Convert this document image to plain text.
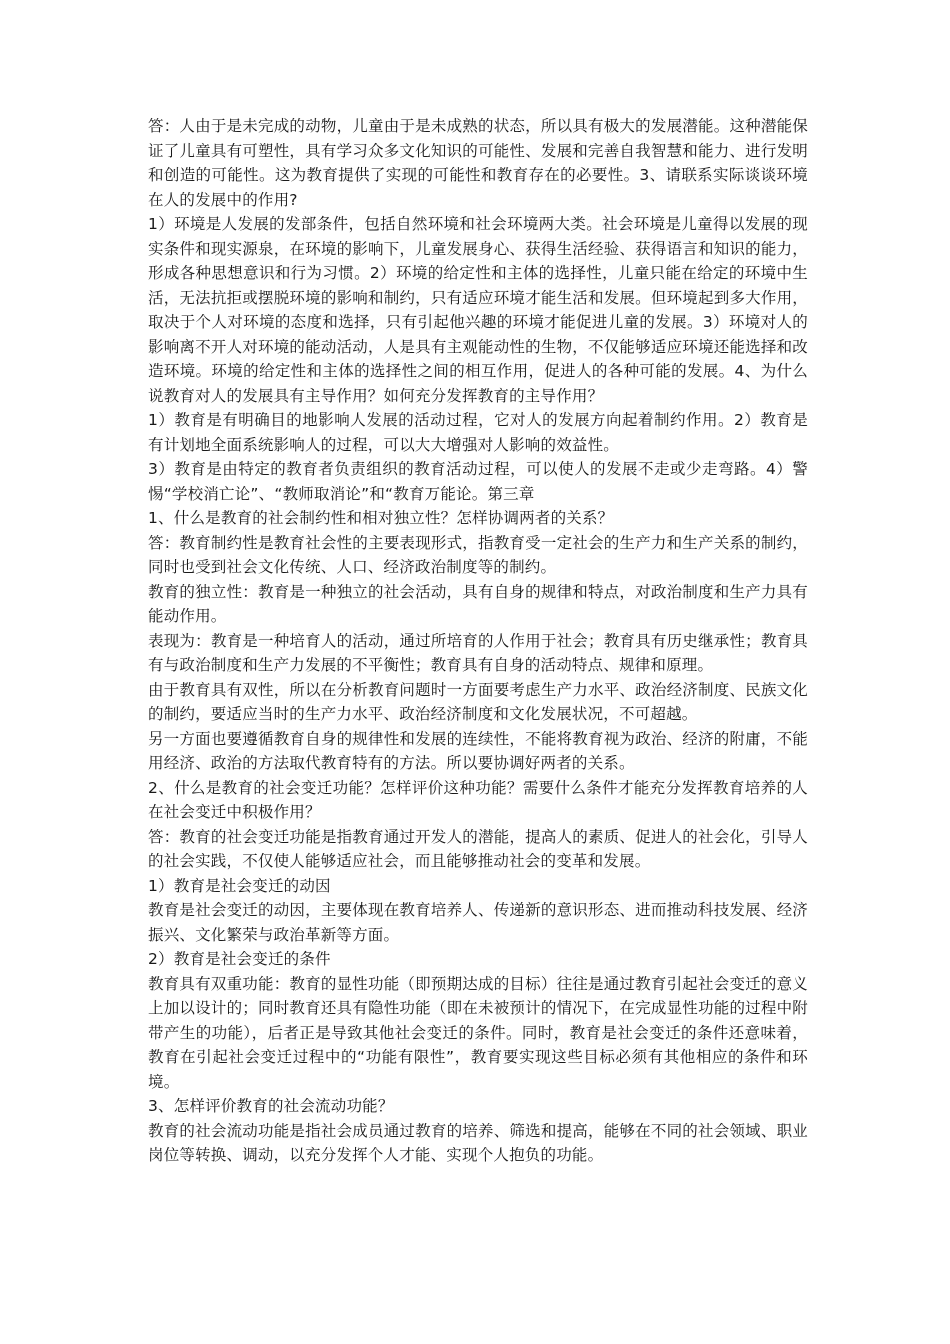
答：人由于是未完成的动物，儿童由于是未成熟的状态，所以具有极大的发展潜能。这种潜能保证了儿童具有可塑性，具有学习众多文化知识的可能性、发展和完善自我智慧和能力、进行发明和创造的可能性。这为教育提供了实现的可能性和教育存在的必要性。3、请联系实际谈谈环境在人的发展中的作用?

1）环境是人发展的发部条件，包括自然环境和社会环境两大类。社会环境是儿童得以发展的现实条件和现实源泉，在环境的影响下，儿童发展身心、获得生活经验、获得语言和知识的能力，形成各种思想意识和行为习惯。2）环境的给定性和主体的选择性，儿童只能在给定的环境中生活，无法抗拒或摆脱环境的影响和制约，只有适应环境才能生活和发展。但环境起到多大作用，取决于个人对环境的态度和选择，只有引起他兴趣的环境才能促进儿童的发展。3）环境对人的影响离不开人对环境的能动活动，人是具有主观能动性的生物，不仅能够适应环境还能选择和改造环境。环境的给定性和主体的选择性之间的相互作用，促进人的各种可能的发展。4、为什么说教育对人的发展具有主导作用？如何充分发挥教育的主导作用？

1）教育是有明确目的地影响人发展的活动过程，它对人的发展方向起着制约作用。2）教育是有计划地全面系统影响人的过程，可以大大增强对人影响的效益性。

3）教育是由特定的教育者负责组织的教育活动过程，可以使人的发展不走或少走弯路。4）警惕“学校消亡论”、“教师取消论”和“教育万能论。第三章

1、什么是教育的社会制约性和相对独立性？怎样协调两者的关系？

答：教育制约性是教育社会性的主要表现形式，指教育受一定社会的生产力和生产关系的制约，同时也受到社会文化传统、人口、经济政治制度等的制约。

教育的独立性：教育是一种独立的社会活动，具有自身的规律和特点，对政治制度和生产力具有能动作用。

表现为：教育是一种培育人的活动，通过所培育的人作用于社会；教育具有历史继承性；教育具有与政治制度和生产力发展的不平衡性；教育具有自身的活动特点、规律和原理。

由于教育具有双性，所以在分析教育问题时一方面要考虑生产力水平、政治经济制度、民族文化的制约，要适应当时的生产力水平、政治经济制度和文化发展状况，不可超越。

另一方面也要遵循教育自身的规律性和发展的连续性，不能将教育视为政治、经济的附庸，不能用经济、政治的方法取代教育特有的方法。所以要协调好两者的关系。

2、什么是教育的社会变迁功能？怎样评价这种功能？需要什么条件才能充分发挥教育培养的人在社会变迁中积极作用？

答：教育的社会变迁功能是指教育通过开发人的潜能，提高人的素质、促进人的社会化，引导人的社会实践，不仅使人能够适应社会，而且能够推动社会的变革和发展。

1）教育是社会变迁的动因

教育是社会变迁的动因，主要体现在教育培养人、传递新的意识形态、进而推动科技发展、经济振兴、文化繁荣与政治革新等方面。

2）教育是社会变迁的条件

教育具有双重功能：教育的显性功能（即预期达成的目标）往往是通过教育引起社会变迁的意义上加以设计的；同时教育还具有隐性功能（即在未被预计的情况下，在完成显性功能的过程中附带产生的功能），后者正是导致其他社会变迁的条件。同时，教育是社会变迁的条件还意味着，教育在引起社会变迁过程中的“功能有限性”，教育要实现这些目标必须有其他相应的条件和环境。

3、怎样评价教育的社会流动功能？

教育的社会流动功能是指社会成员通过教育的培养、筛选和提高，能够在不同的社会领域、职业岗位等转换、调动，以充分发挥个人才能、实现个人抱负的功能。
